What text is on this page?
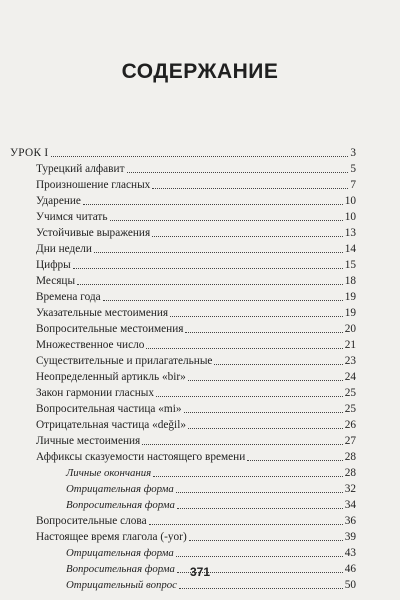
СОДЕРЖАНИЕ
УРОК I	3
Турецкий алфавит	5
Произношение гласных	7
Ударение	10
Учимся читать	10
Устойчивые выражения	13
Дни недели	14
Цифры	15
Месяцы	18
Времена года	19
Указательные местоимения	19
Вопросительные местоимения	20
Множественное число	21
Существительные и прилагательные	23
Неопределенный артикль «bir»	24
Закон гармонии гласных	25
Вопросительная частица «mi»	25
Отрицательная частица «değil»	26
Личные местоимения	27
Аффиксы сказуемости настоящего времени	28
Личные окончания	28
Отрицательная форма	32
Вопросительная форма	34
Вопросительные слова	36
Настоящее время глагола (-yor)	39
Отрицательная форма	43
Вопросительная форма	46
Отрицательный вопрос	50
371
